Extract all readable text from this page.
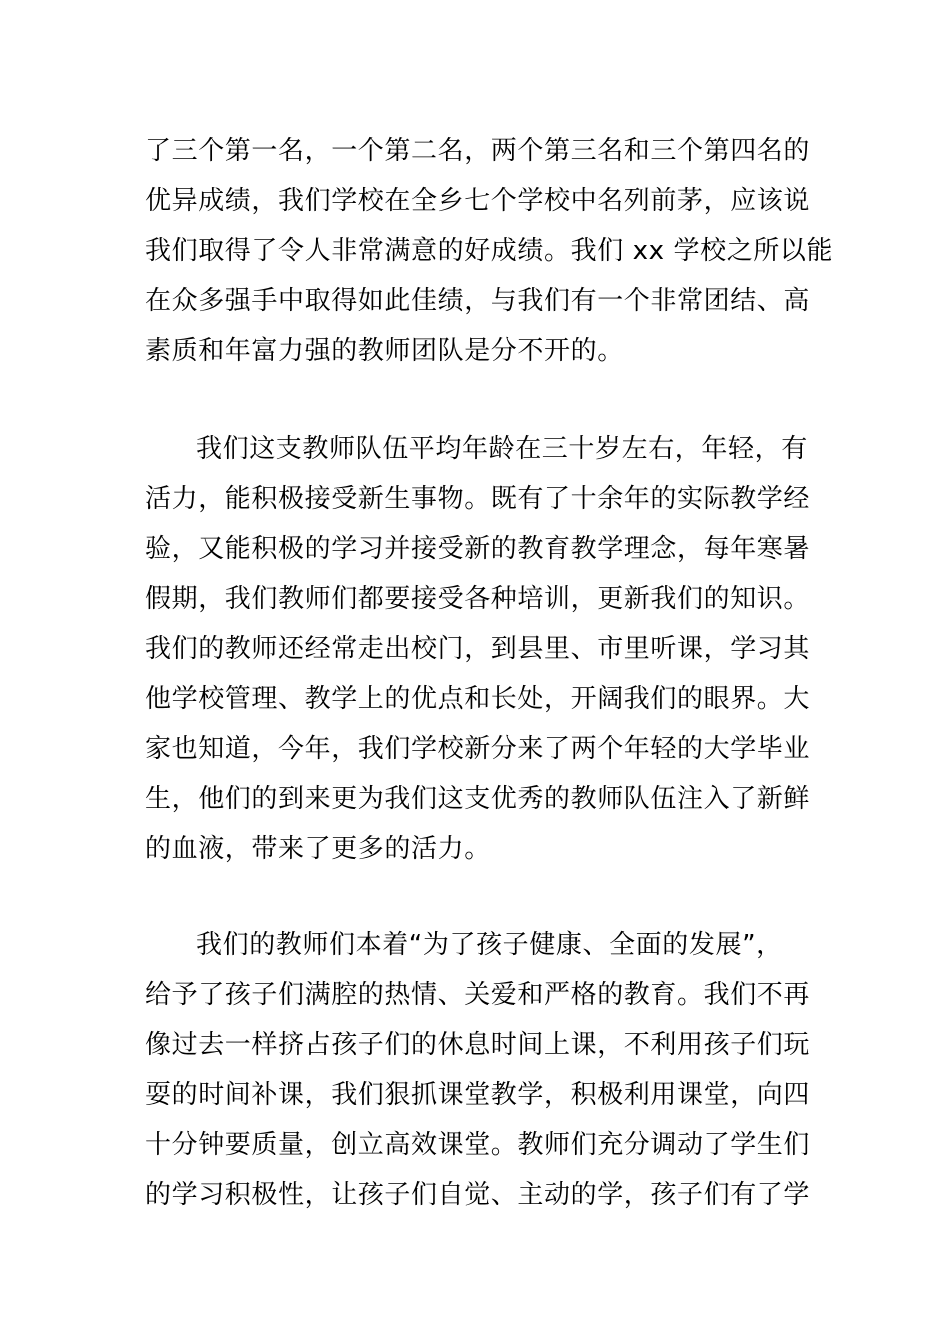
了三个第一名，一个第二名，两个第三名和三个第四名的
优异成绩，我们学校在全乡七个学校中名列前茅，应该说
我们取得了令人非常满意的好成绩。我们 xx 学校之所以能
在众多强手中取得如此佳绩，与我们有一个非常团结、高
素质和年富力强的教师团队是分不开的。
我们这支教师队伍平均年龄在三十岁左右，年轻，有
活力，能积极接受新生事物。既有了十余年的实际教学经
验，又能积极的学习并接受新的教育教学理念，每年寒暑
假期，我们教师们都要接受各种培训，更新我们的知识。
我们的教师还经常走出校门，到县里、市里听课，学习其
他学校管理、教学上的优点和长处，开阔我们的眼界。大
家也知道，今年，我们学校新分来了两个年轻的大学毕业
生，他们的到来更为我们这支优秀的教师队伍注入了新鲜
的血液，带来了更多的活力。
我们的教师们本着“为了孩子健康、全面的发展”，
给予了孩子们满腔的热情、关爱和严格的教育。我们不再
像过去一样挤占孩子们的休息时间上课，不利用孩子们玩
耍的时间补课，我们狠抓课堂教学，积极利用课堂，向四
十分钟要质量，创立高效课堂。教师们充分调动了学生们
的学习积极性，让孩子们自觉、主动的学，孩子们有了学
